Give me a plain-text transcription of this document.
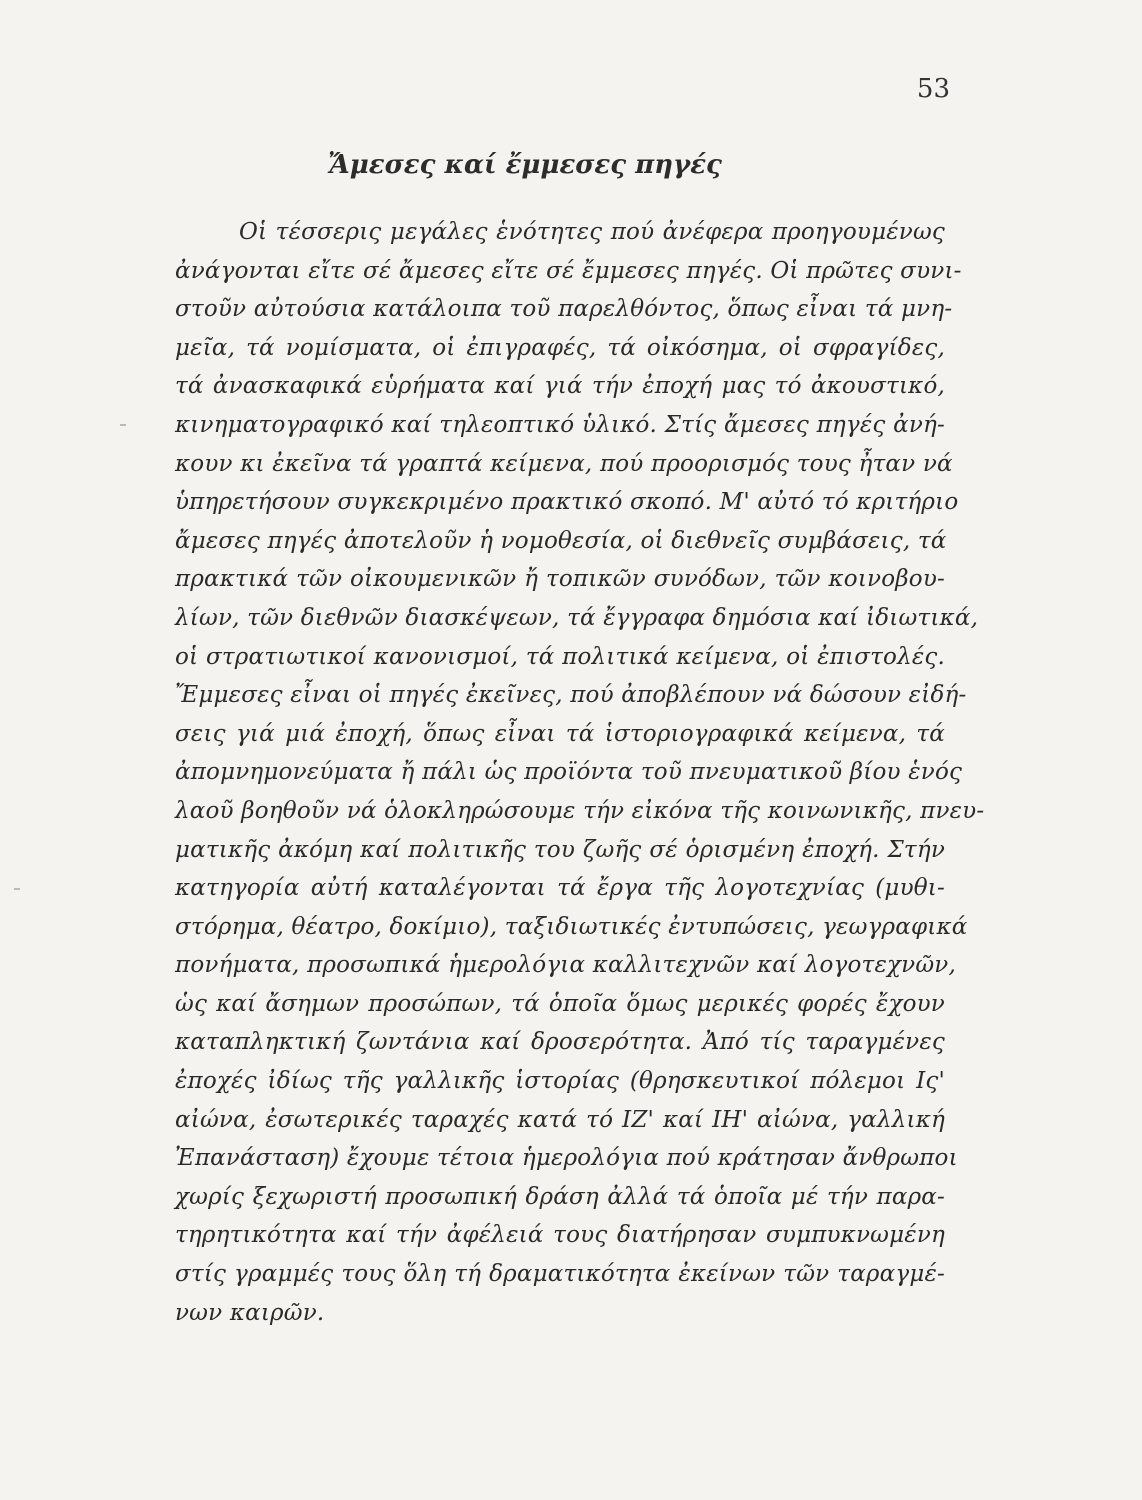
53
Ἄμεσες καί ἔμμεσες πηγές
Οἱ τέσσερις μεγάλες ἑνότητες πού ἀνέφερα προηγουμένως
ἀνάγονται εἴτε σέ ἄμεσες εἴτε σέ ἔμμεσες πηγές. Οἱ πρῶτες συνι-
στοῦν αὐτούσια κατάλοιπα τοῦ παρελθόντος, ὅπως εἶναι τά μνη-
μεῖα, τά νομίσματα, οἱ ἐπιγραφές, τά οἰκόσημα, οἱ σφραγίδες,
τά ἀνασκαφικά εὑρήματα καί γιά τήν ἐποχή μας τό ἀκουστικό,
κινηματογραφικό καί τηλεοπτικό ὑλικό. Στίς ἄμεσες πηγές ἀνή-
κουν κι ἐκεῖνα τά γραπτά κείμενα, πού προορισμός τους ἦταν νά
ὑπηρετήσουν συγκεκριμένο πρακτικό σκοπό. Μ' αὐτό τό κριτήριο
ἄμεσες πηγές ἀποτελοῦν ἡ νομοθεσία, οἱ διεθνεῖς συμβάσεις, τά
πρακτικά τῶν οἰκουμενικῶν ἤ τοπικῶν συνόδων, τῶν κοινοβου-
λίων, τῶν διεθνῶν διασκέψεων, τά ἔγγραφα δημόσια καί ἰδιωτικά,
οἱ στρατιωτικοί κανονισμοί, τά πολιτικά κείμενα, οἱ ἐπιστολές.
Ἔμμεσες εἶναι οἱ πηγές ἐκεῖνες, πού ἀποβλέπουν νά δώσουν εἰδή-
σεις γιά μιά ἐποχή, ὅπως εἶναι τά ἱστοριογραφικά κείμενα, τά
ἀπομνημονεύματα ἤ πάλι ὡς προϊόντα τοῦ πνευματικοῦ βίου ἑνός
λαοῦ βοηθοῦν νά ὁλοκληρώσουμε τήν εἰκόνα τῆς κοινωνικῆς, πνευ-
ματικῆς ἀκόμη καί πολιτικῆς του ζωῆς σέ ὁρισμένη ἐποχή. Στήν
κατηγορία αὐτή καταλέγονται τά ἔργα τῆς λογοτεχνίας (μυθι-
στόρημα, θέατρο, δοκίμιο), ταξιδιωτικές ἐντυπώσεις, γεωγραφικά
πονήματα, προσωπικά ἡμερολόγια καλλιτεχνῶν καί λογοτεχνῶν,
ὡς καί ἄσημων προσώπων, τά ὁποῖα ὅμως μερικές φορές ἔχουν
καταπληκτική ζωντάνια καί δροσερότητα. Ἀπό τίς ταραγμένες
ἐποχές ἰδίως τῆς γαλλικῆς ἱστορίας (θρησκευτικοί πόλεμοι Ις'
αἰώνα, ἐσωτερικές ταραχές κατά τό ΙΖ' καί ΙΗ' αἰώνα, γαλλική
Ἐπανάσταση) ἔχουμε τέτοια ἡμερολόγια πού κράτησαν ἄνθρωποι
χωρίς ξεχωριστή προσωπική δράση ἀλλά τά ὁποῖα μέ τήν παρα-
τηρητικότητα καί τήν ἀφέλειά τους διατήρησαν συμπυκνωμένη
στίς γραμμές τους ὅλη τή δραματικότητα ἐκείνων τῶν ταραγμέ-
νων καιρῶν.
